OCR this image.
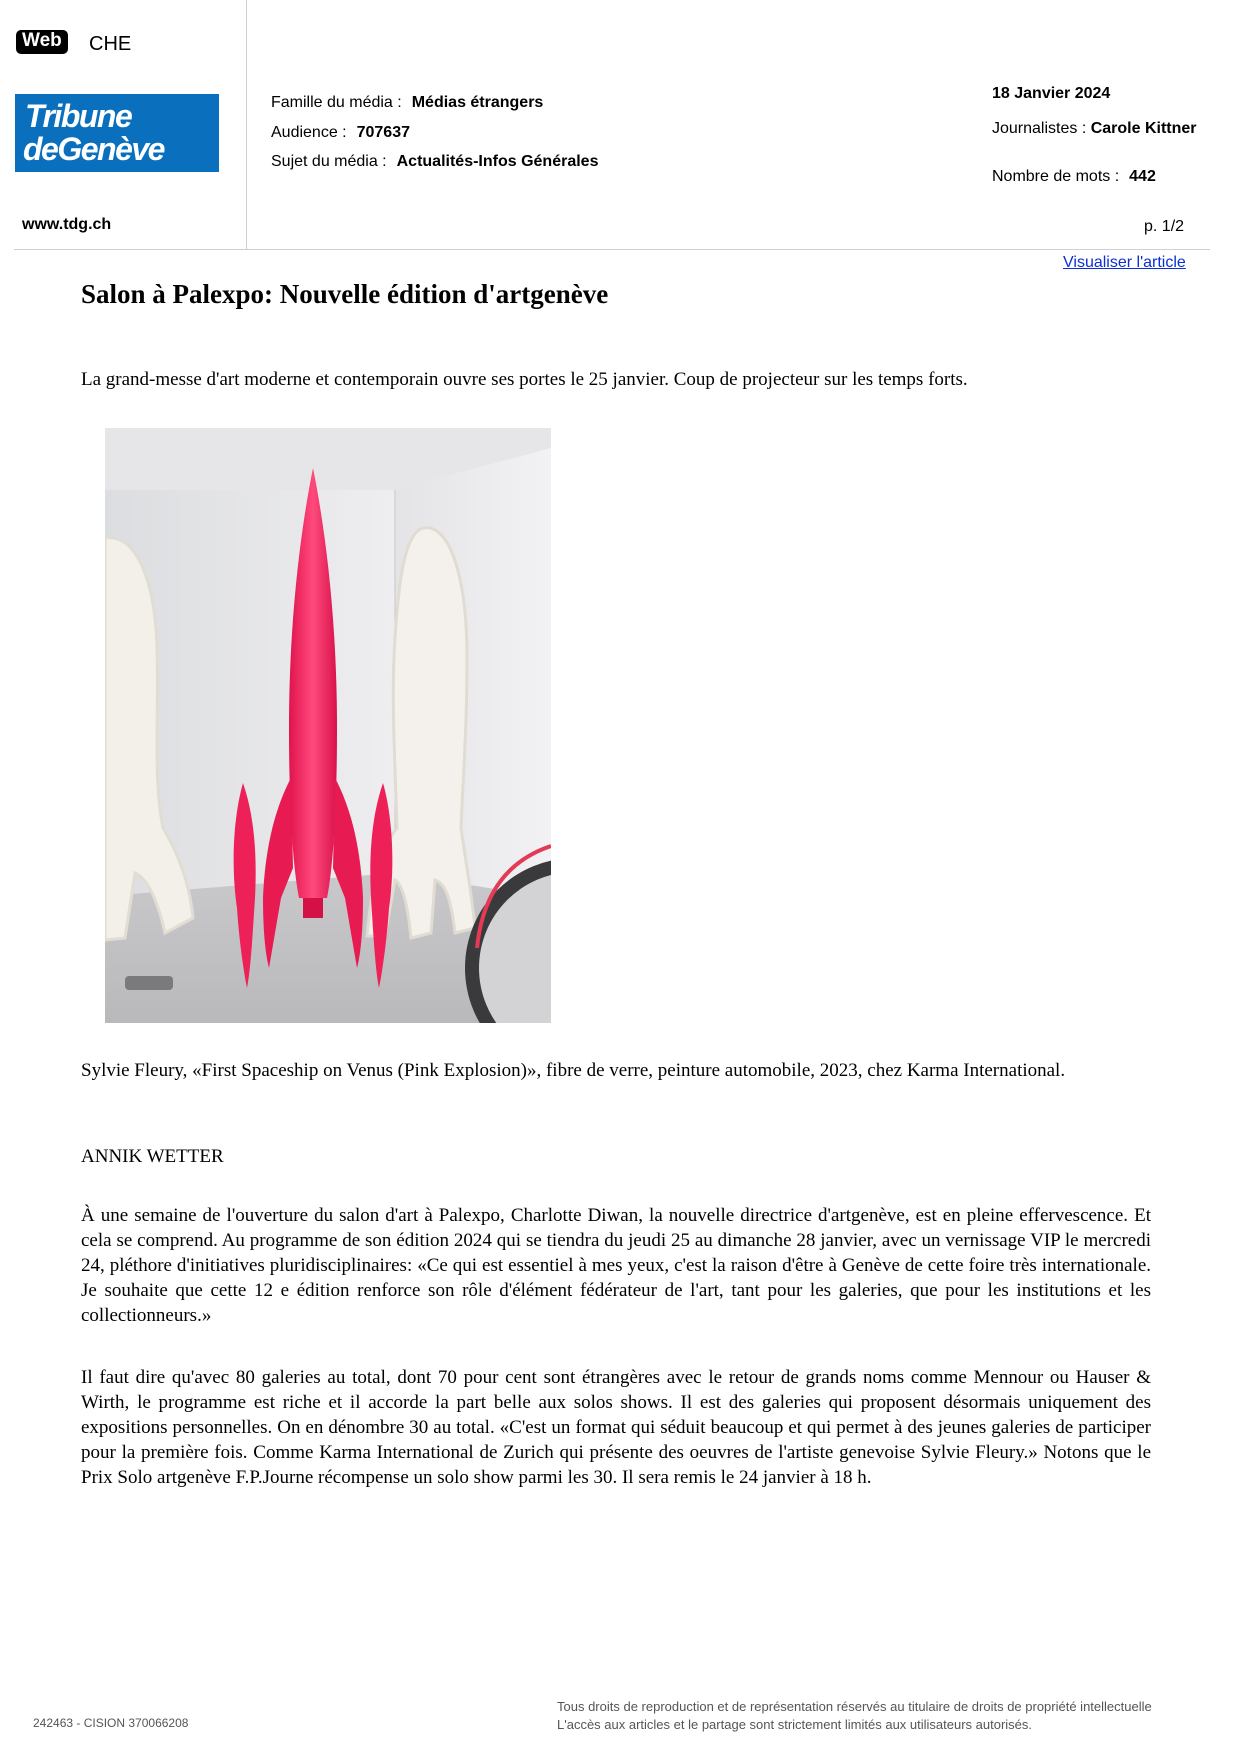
Web	CHE
Tribune
deGenève
www.tdg.ch
Famille du média : Médias étrangers
Audience : 707637
Sujet du média : Actualités-Infos Générales
18 Janvier 2024
Journalistes : Carole Kittner
Nombre de mots : 442
p. 1/2
Visualiser l'article
Salon à Palexpo: Nouvelle édition d'artgenève

La grand-messe d'art moderne et contemporain ouvre ses portes le 25 janvier. Coup de projecteur sur les temps forts.

Sylvie Fleury, «First Spaceship on Venus (Pink Explosion)», fibre de verre, peinture automobile, 2023, chez Karma International.

ANNIK WETTER

À une semaine de l'ouverture du salon d'art à Palexpo, Charlotte Diwan, la nouvelle directrice d'artgenève, est en pleine effervescence. Et cela se comprend. Au programme de son édition 2024 qui se tiendra du jeudi 25 au dimanche 28 janvier, avec un vernissage VIP le mercredi 24, pléthore d'initiatives pluridisciplinaires: «Ce qui est essentiel à mes yeux, c'est la raison d'être à Genève de cette foire très internationale. Je souhaite que cette 12 e édition renforce son rôle d'élément fédérateur de l'art, tant pour les galeries, que pour les institutions et les collectionneurs.»

Il faut dire qu'avec 80 galeries au total, dont 70 pour cent sont étrangères avec le retour de grands noms comme Mennour ou Hauser & Wirth, le programme est riche et il accorde la part belle aux solos shows. Il est des galeries qui proposent désormais uniquement des expositions personnelles. On en dénombre 30 au total. «C'est un format qui séduit beaucoup et qui permet à des jeunes galeries de participer pour la première fois. Comme Karma International de Zurich qui présente des oeuvres de l'artiste genevoise Sylvie Fleury.» Notons que le Prix Solo artgenève F.P.Journe récompense un solo show parmi les 30. Il sera remis le 24 janvier à 18 h.

242463 - CISION 370066208
Tous droits de reproduction et de représentation réservés au titulaire de droits de propriété intellectuelle
L'accès aux articles et le partage sont strictement limités aux utilisateurs autorisés.
